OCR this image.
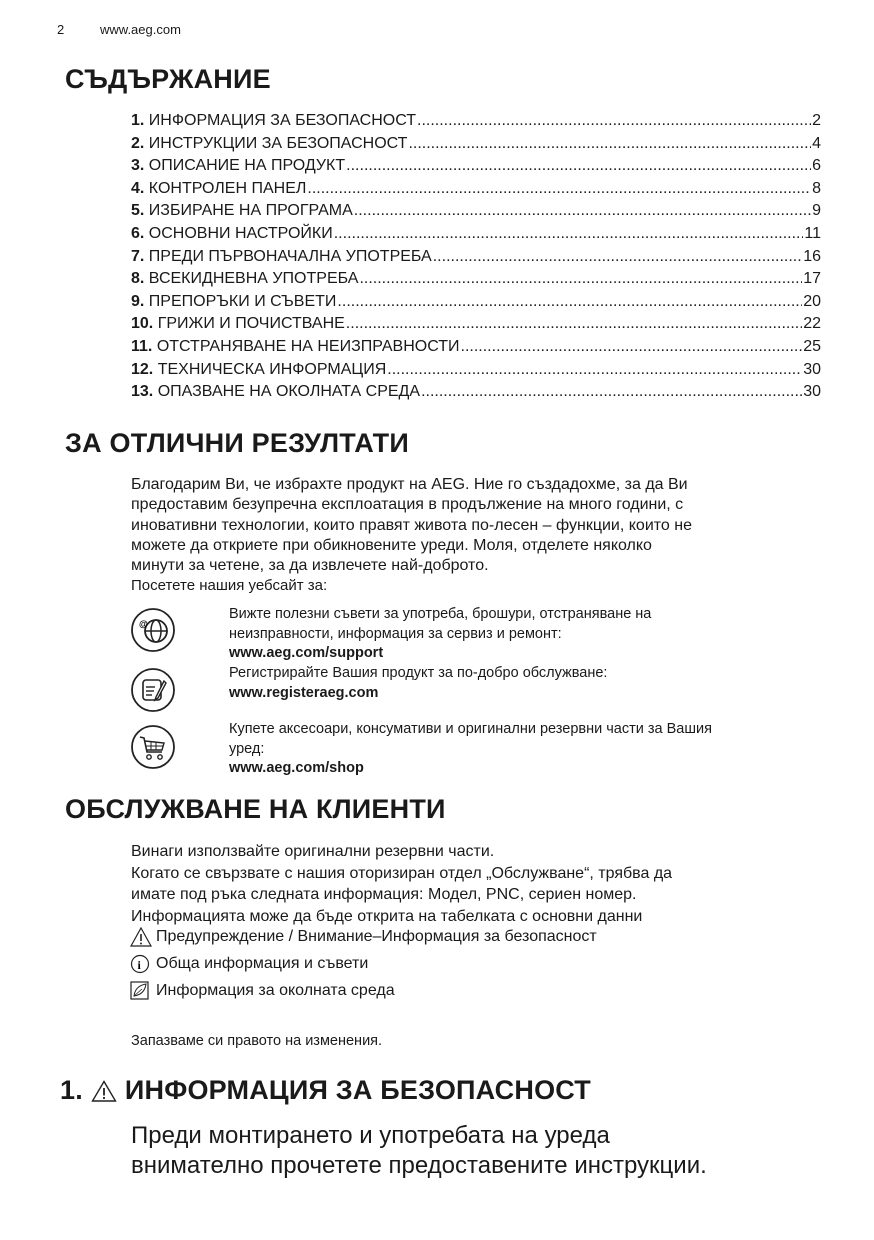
2	www.aeg.com
СЪДЪРЖАНИЕ
1. ИНФОРМАЦИЯ ЗА БЕЗОПАСНОСТ .....	2
2. ИНСТРУКЦИИ ЗА БЕЗОПАСНОСТ .....	4
3. ОПИСАНИЕ НА ПРОДУКТ .....	6
4. КОНТРОЛЕН ПАНЕЛ .....	8
5. ИЗБИРАНЕ НА ПРОГРАМА .....	9
6. ОСНОВНИ НАСТРОЙКИ .....	11
7. ПРЕДИ ПЪРВОНАЧАЛНА УПОТРЕБА .....	16
8. ВСЕКИДНЕВНА УПОТРЕБА .....	17
9. ПРЕПОРЪКИ И СЪВЕТИ .....	20
10. ГРИЖИ И ПОЧИСТВАНЕ .....	22
11. ОТСТРАНЯВАНЕ НА НЕИЗПРАВНОСТИ .....	25
12. ТЕХНИЧЕСКА ИНФОРМАЦИЯ .....	30
13. ОПАЗВАНЕ НА ОКОЛНАТА СРЕДА .....	30
ЗА ОТЛИЧНИ РЕЗУЛТАТИ
Благодарим Ви, че избрахте продукт на AEG. Ние го създадохме, за да Ви
предоставим безупречна експлоатация в продължение на много години, с
иновативни технологии, които правят живота по-лесен – функции, които не
можете да откриете при обикновените уреди. Моля, отделете няколко
минути за четене, за да извлечете най-доброто.
Посетете нашия уебсайт за:
@
Вижте полезни съвети за употреба, брошури, отстраняване на
неизправности, информация за сервиз и ремонт:
www.aeg.com/support
Регистрирайте Вашия продукт за по-добро обслужване:
www.registeraeg.com
Купете аксесоари, консумативи и оригинални резервни части за Вашия
уред:
www.aeg.com/shop
ОБСЛУЖВАНЕ НА КЛИЕНТИ
Винаги използвайте оригинални резервни части.
Когато се свързвате с нашия оторизиран отдел „Обслужване“, трябва да
имате под ръка следната информация: Модел, PNC, сериен номер.
Информацията може да бъде открита на табелката с основни данни
Предупреждение / Внимание–Информация за безопасност
i Обща информация и съвети
Информация за околната среда
Запазваме си правото на изменения.
1. ИНФОРМАЦИЯ ЗА БЕЗОПАСНОСТ
Преди монтирането и употребата на уреда
внимателно прочетете предоставените инструкции.
